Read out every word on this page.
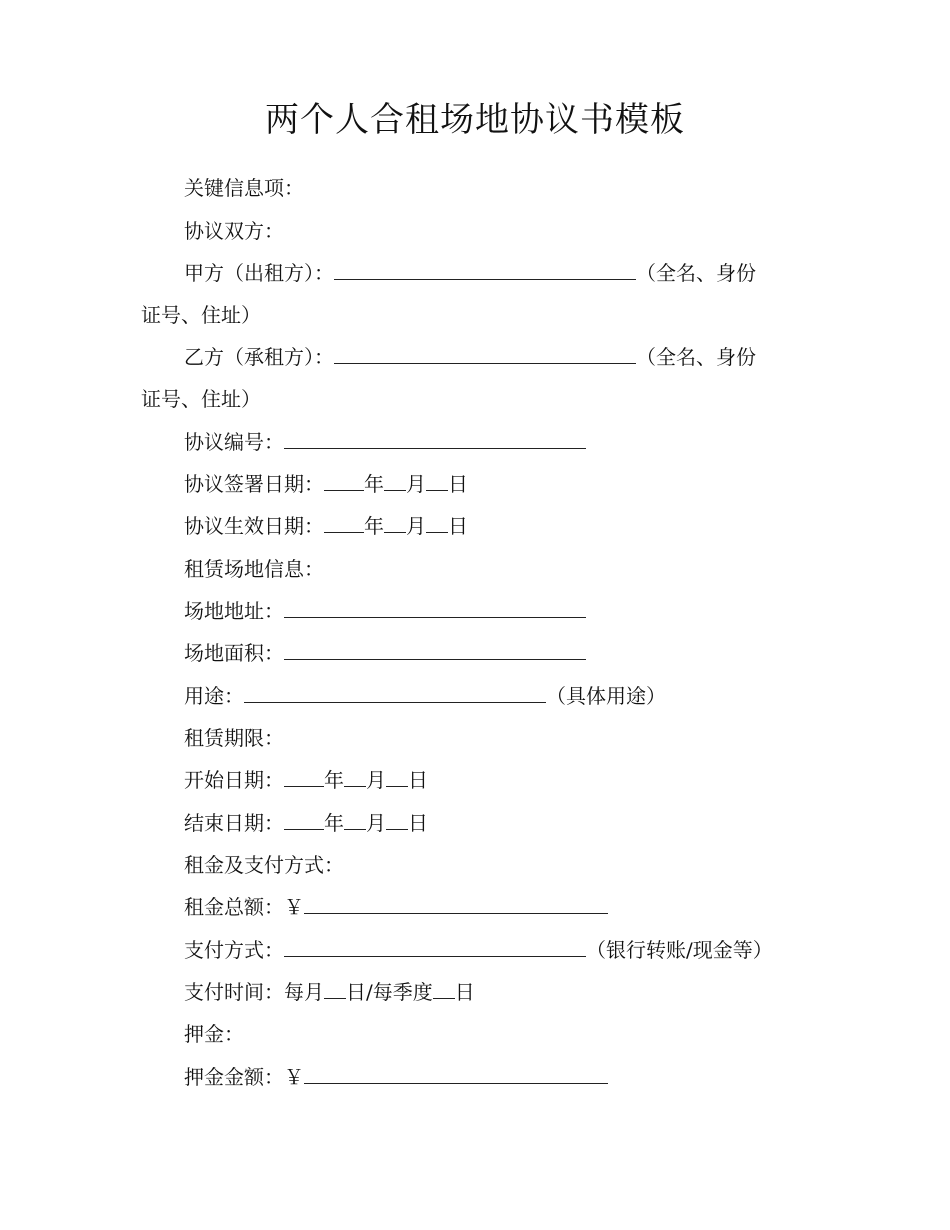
两个人合租场地协议书模板
关键信息项：
协议双方：
甲方（出租方）：	（全名、身份
证号、住址）
乙方（承租方）：	（全名、身份
证号、住址）
协议编号：
协议签署日期： 年 月 日
协议生效日期： 年 月 日
租赁场地信息：
场地地址：
场地面积：
用途：	（具体用途）
租赁期限：
开始日期： 年 月 日
结束日期： 年 月 日
租金及支付方式：
租金总额：￥
支付方式：	（银行转账/现金等）
支付时间：每月 日/每季度 日
押金：
押金金额：￥
